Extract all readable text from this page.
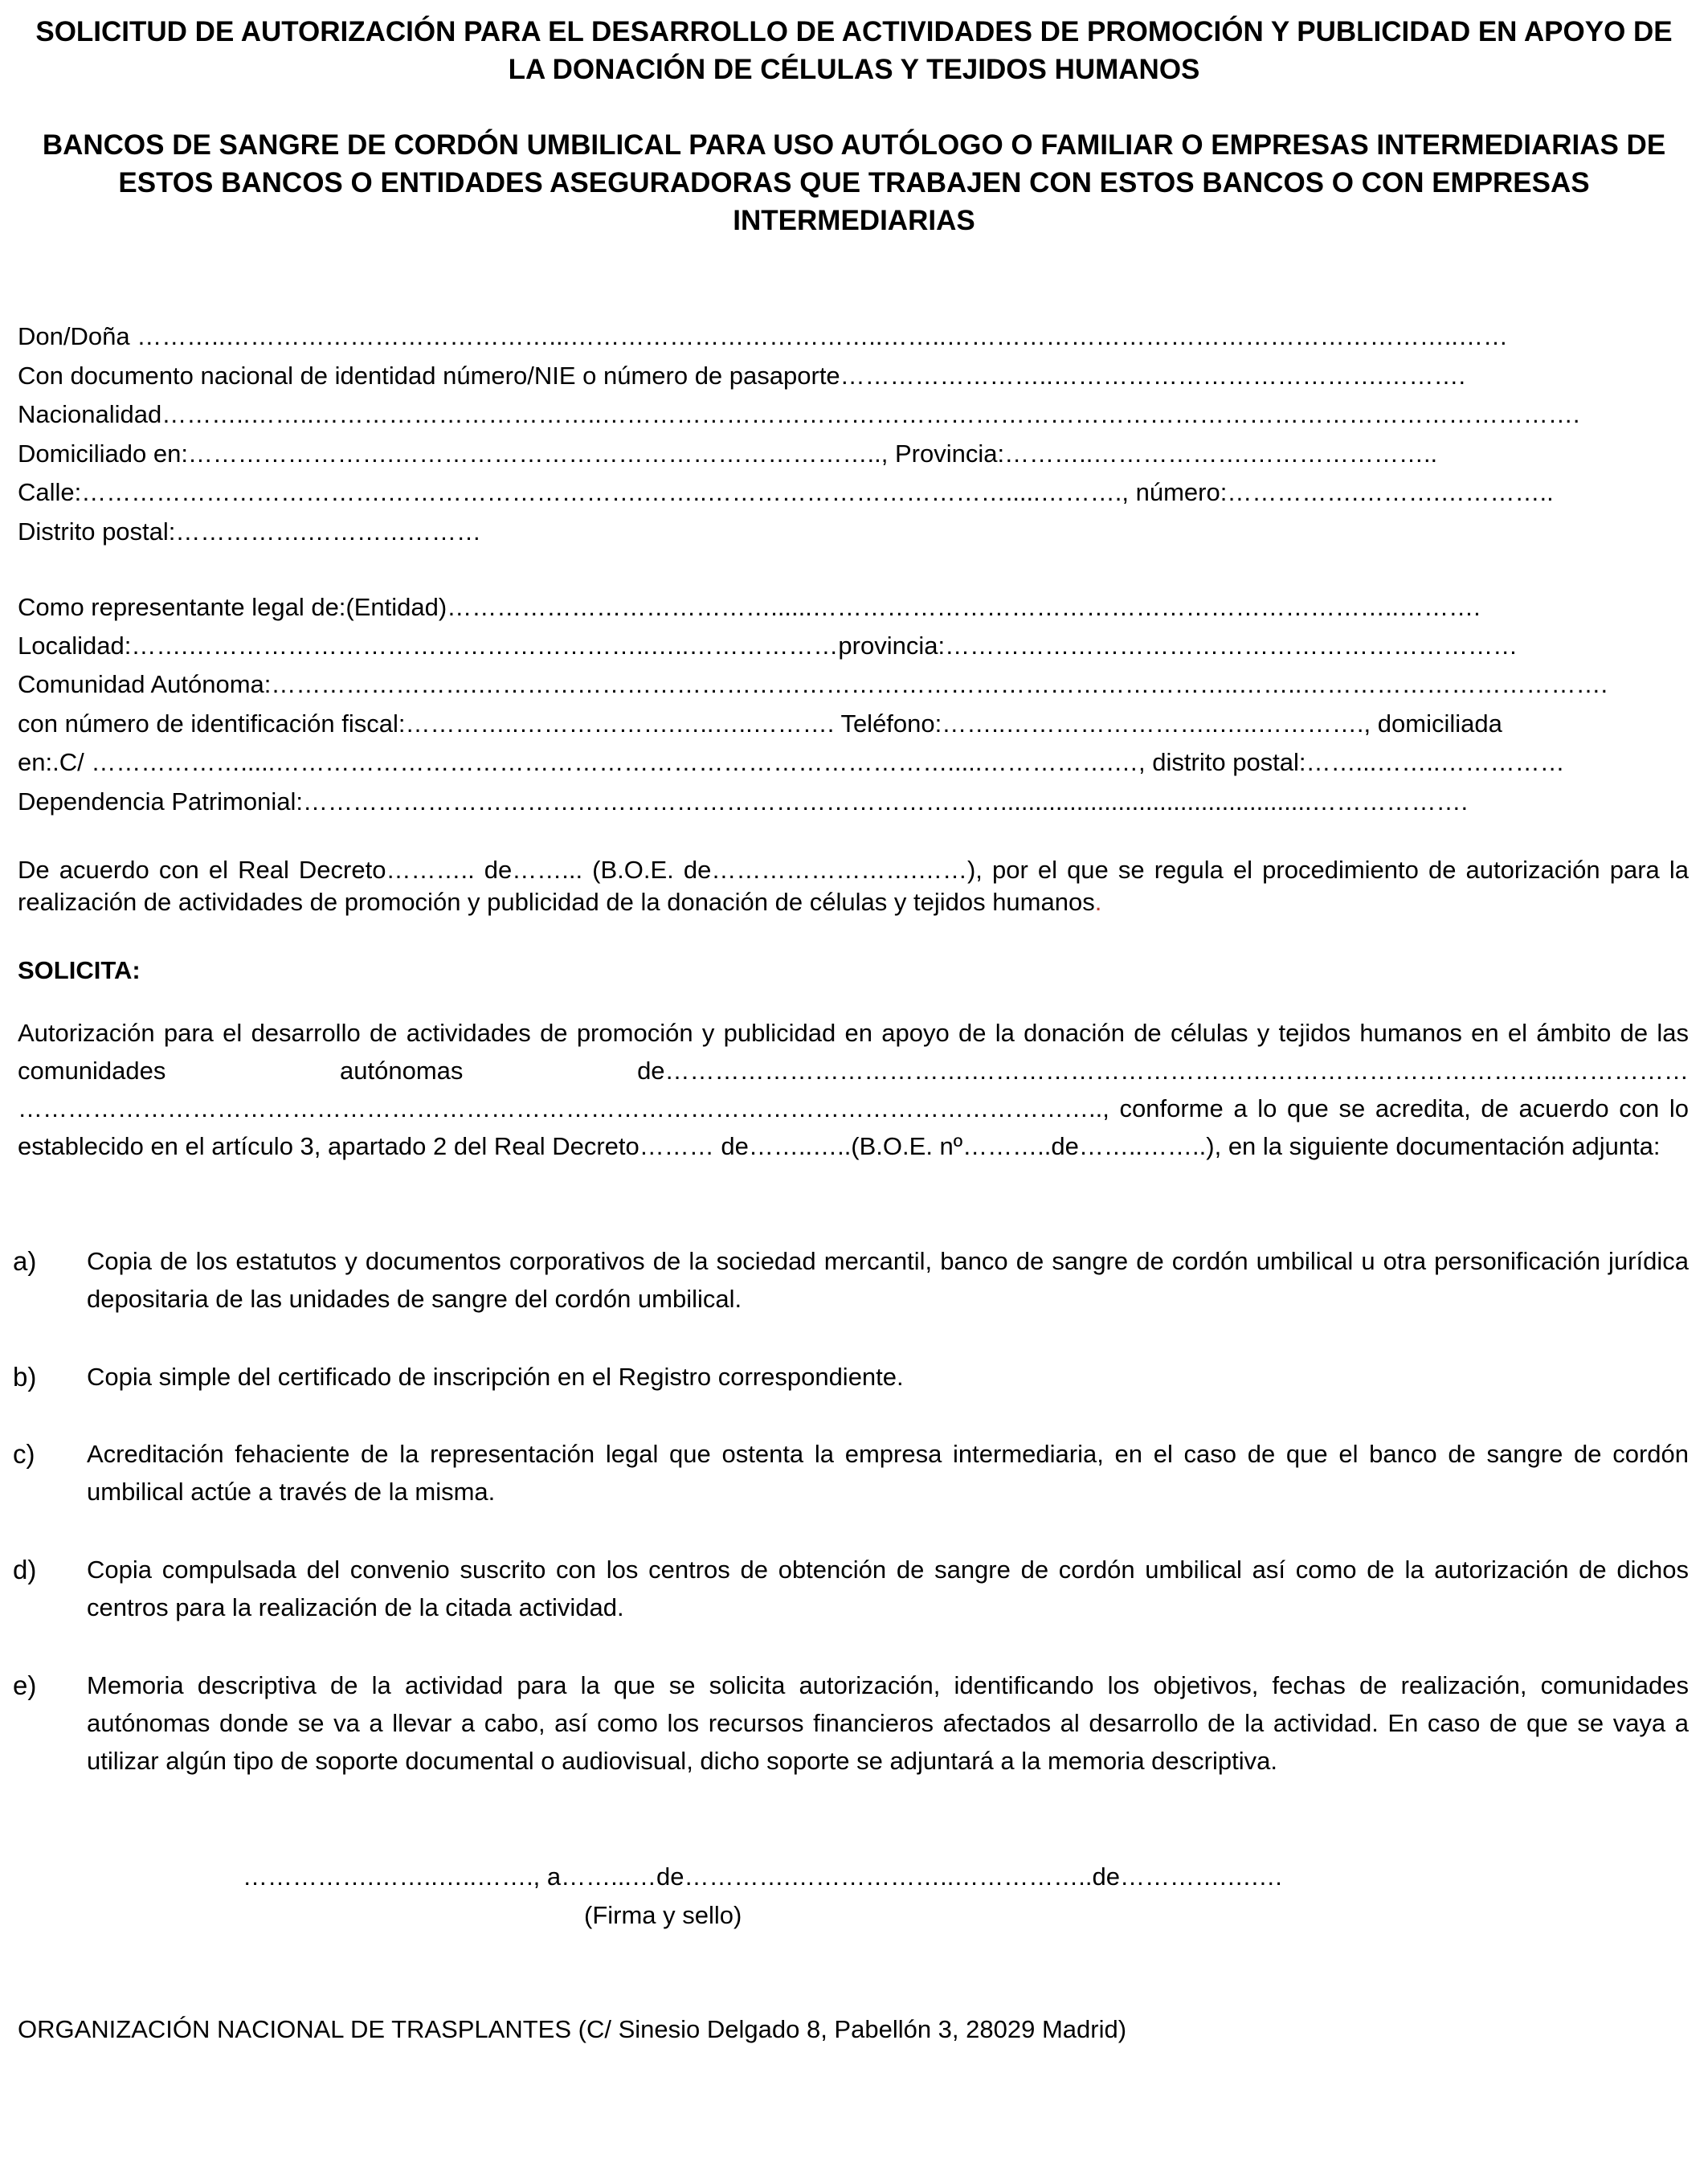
SOLICITUD DE AUTORIZACIÓN PARA EL DESARROLLO DE ACTIVIDADES DE PROMOCIÓN Y PUBLICIDAD EN APOYO DE LA DONACIÓN DE CÉLULAS Y TEJIDOS HUMANOS
BANCOS DE SANGRE DE CORDÓN UMBILICAL PARA USO AUTÓLOGO O FAMILIAR O EMPRESAS INTERMEDIARIAS DE ESTOS BANCOS O ENTIDADES ASEGURADORAS QUE TRABAJEN CON ESTOS BANCOS O CON EMPRESAS INTERMEDIARIAS
Don/Doña ………..…………………………………...………………………………..……..……………………………………………………..……
Con documento nacional de identidad número/NIE o número de pasaporte……………………..………………………………….……….
Nacionalidad………..……..……………………………..……………………………………………………………………………………………………….
Domiciliado en:…………………….………………………………………………….., Provincia:………..……………….…………………..
Calle:……………………………….………………………….……..……………………………….....………., número:…………….……….…………..
Distrito postal:…………….…………………
Como representante legal de:(Entidad)…………………………………......……………………………………………………………..……….
Localidad:…….………………………………………………..…..………………provincia:……………………………………………………………
Comunidad Autónoma:…………………….………………………………………………………………………………..……..……………………………….
con número de identificación fiscal:…………..……………….…..…..………. Teléfono:……..……………………..…..…………., domiciliada
en:.C/ ……………….....……………………………………………………………………….....…………….…, distrito postal:……...……..……………
Dependencia Patrimonial:………………………………………………………………………….............................................……………….
De acuerdo con el Real Decreto……….. de……... (B.O.E. de…………………….……), por el que se regula el procedimiento de autorización para la realización de actividades de promoción y publicidad de la donación de células y tejidos humanos.
SOLICITA:
Autorización para el desarrollo de actividades de promoción y publicidad en apoyo de la donación de células y tejidos humanos en el ámbito de las comunidades autónomas de……………………………….……………………………………………………………...…………… ………………………………………………………………………………………………………………….., conforme a lo que se acredita, de acuerdo con lo establecido en el artículo 3, apartado 2 del Real Decreto……… de……..…..(B.O.E. nº………..de……..……..), en la siguiente documentación adjunta:
a) Copia de los estatutos y documentos corporativos de la sociedad mercantil, banco de sangre de cordón umbilical u otra personificación jurídica depositaria de las unidades de sangre del cordón umbilical.
b) Copia simple del certificado de inscripción en el Registro correspondiente.
c) Acreditación fehaciente de la representación legal que ostenta la empresa intermediaria, en el caso de que el banco de sangre de cordón umbilical actúe a través de la misma.
d) Copia compulsada del convenio suscrito con los centros de obtención de sangre de cordón umbilical así como de la autorización de dichos centros para la realización de la citada actividad.
e) Memoria descriptiva de la actividad para la que se solicita autorización, identificando los objetivos, fechas de realización, comunidades autónomas donde se va a llevar a cabo, así como los recursos financieros afectados al desarrollo de la actividad. En caso de que se vaya a utilizar algún tipo de soporte documental o audiovisual, dicho soporte se adjuntará a la memoria descriptiva.
…………….……..…..……., a……...…de………….………………..……………..de………….….…
(Firma y sello)
ORGANIZACIÓN NACIONAL DE TRASPLANTES (C/ Sinesio Delgado 8, Pabellón 3, 28029 Madrid)
